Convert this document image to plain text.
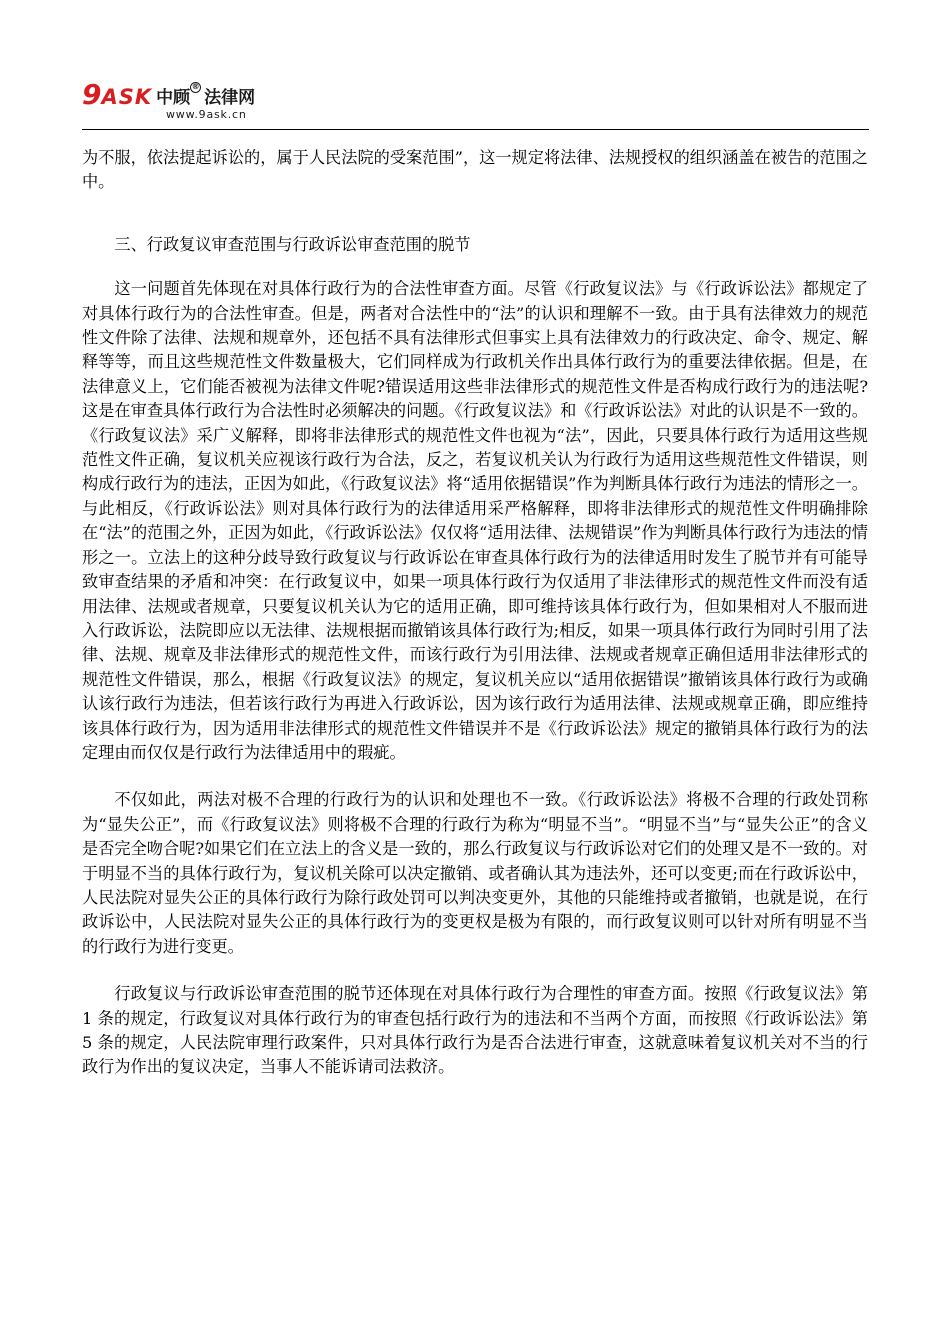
9 ASK 中顾
®
法律网
www.9ask.cn

为不服，依法提起诉讼的，属于人民法院的受案范围”，这一规定将法律、法规授权的组织涵盖在被告的范围之中。

三、行政复议审查范围与行政诉讼审查范围的脱节

这一问题首先体现在对具体行政行为的合法性审查方面。尽管《行政复议法》与《行政诉讼法》都规定了对具体行政行为的合法性审查。但是，两者对合法性中的“法”的认识和理解不一致。由于具有法律效力的规范性文件除了法律、法规和规章外，还包括不具有法律形式但事实上具有法律效力的行政决定、命令、规定、解释等等，而且这些规范性文件数量极大，它们同样成为行政机关作出具体行政行为的重要法律依据。但是，在法律意义上，它们能否被视为法律文件呢?错误适用这些非法律形式的规范性文件是否构成行政行为的违法呢?这是在审查具体行政行为合法性时必须解决的问题。《行政复议法》和《行政诉讼法》对此的认识是不一致的。《行政复议法》采广义解释，即将非法律形式的规范性文件也视为“法”，因此，只要具体行政行为适用这些规范性文件正确，复议机关应视该行政行为合法，反之，若复议机关认为行政行为适用这些规范性文件错误，则构成行政行为的违法，正因为如此，《行政复议法》将“适用依据错误”作为判断具体行政行为违法的情形之一。与此相反，《行政诉讼法》则对具体行政行为的法律适用采严格解释，即将非法律形式的规范性文件明确排除在“法”的范围之外，正因为如此，《行政诉讼法》仅仅将“适用法律、法规错误”作为判断具体行政行为违法的情形之一。立法上的这种分歧导致行政复议与行政诉讼在审查具体行政行为的法律适用时发生了脱节并有可能导致审查结果的矛盾和冲突：在行政复议中，如果一项具体行政行为仅适用了非法律形式的规范性文件而没有适用法律、法规或者规章，只要复议机关认为它的适用正确，即可维持该具体行政行为，但如果相对人不服而进入行政诉讼，法院即应以无法律、法规根据而撤销该具体行政行为;相反，如果一项具体行政行为同时引用了法律、法规、规章及非法律形式的规范性文件，而该行政行为引用法律、法规或者规章正确但适用非法律形式的规范性文件错误，那么，根据《行政复议法》的规定，复议机关应以“适用依据错误”撤销该具体行政行为或确认该行政行为违法，但若该行政行为再进入行政诉讼，因为该行政行为适用法律、法规或规章正确，即应维持该具体行政行为，因为适用非法律形式的规范性文件错误并不是《行政诉讼法》规定的撤销具体行政行为的法定理由而仅仅是行政行为法律适用中的瑕疵。

不仅如此，两法对极不合理的行政行为的认识和处理也不一致。《行政诉讼法》将极不合理的行政处罚称为“显失公正”，而《行政复议法》则将极不合理的行政行为称为“明显不当”。“明显不当”与“显失公正”的含义是否完全吻合呢?如果它们在立法上的含义是一致的，那么行政复议与行政诉讼对它们的处理又是不一致的。对于明显不当的具体行政行为，复议机关除可以决定撤销、或者确认其为违法外，还可以变更;而在行政诉讼中，人民法院对显失公正的具体行政行为除行政处罚可以判决变更外，其他的只能维持或者撤销，也就是说，在行政诉讼中，人民法院对显失公正的具体行政行为的变更权是极为有限的，而行政复议则可以针对所有明显不当的行政行为进行变更。

行政复议与行政诉讼审查范围的脱节还体现在对具体行政行为合理性的审查方面。按照《行政复议法》第 1 条的规定，行政复议对具体行政行为的审查包括行政行为的违法和不当两个方面，而按照《行政诉讼法》第 5 条的规定，人民法院审理行政案件，只对具体行政行为是否合法进行审查，这就意味着复议机关对不当的行政行为作出的复议决定，当事人不能诉请司法救济。
